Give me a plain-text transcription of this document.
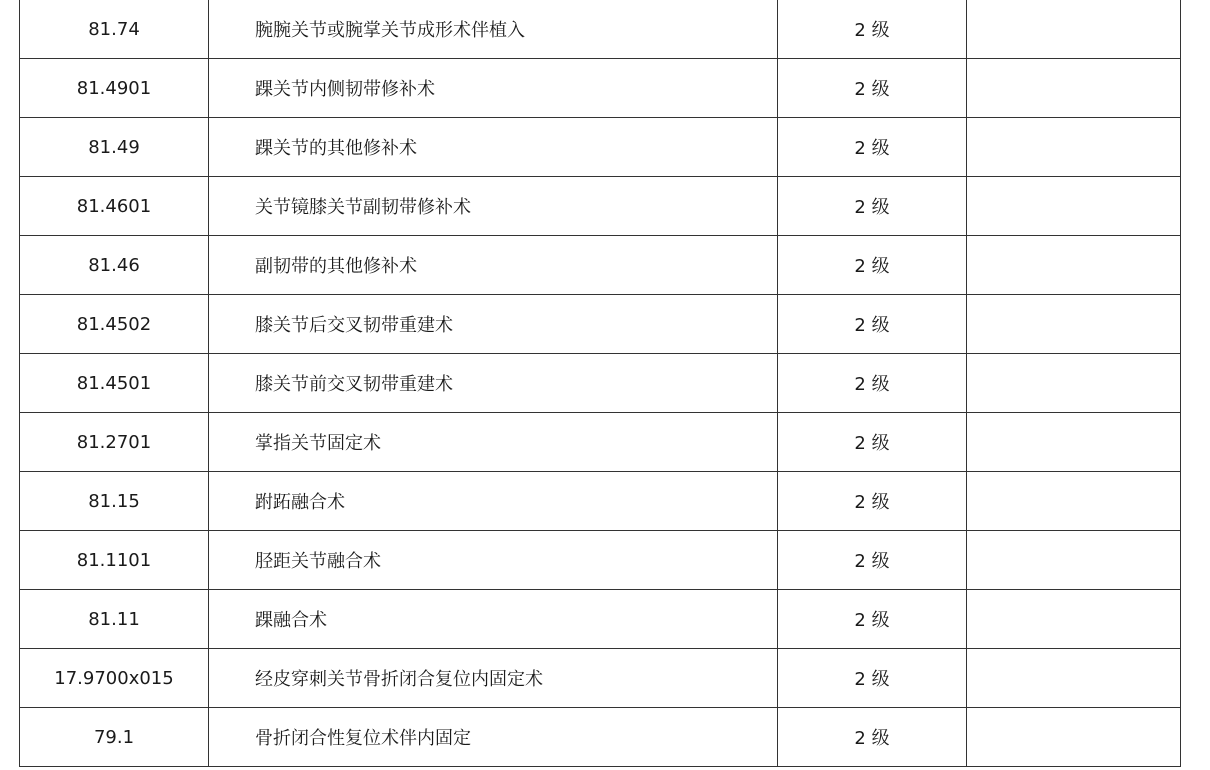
81.74	腕腕关节或腕掌关节成形术伴植入	2 级	
81.4901	踝关节内侧韧带修补术	2 级	
81.49	踝关节的其他修补术	2 级	
81.4601	关节镜膝关节副韧带修补术	2 级	
81.46	副韧带的其他修补术	2 级	
81.4502	膝关节后交叉韧带重建术	2 级	
81.4501	膝关节前交叉韧带重建术	2 级	
81.2701	掌指关节固定术	2 级	
81.15	跗跖融合术	2 级	
81.1101	胫距关节融合术	2 级	
81.11	踝融合术	2 级	
17.9700x015	经皮穿刺关节骨折闭合复位内固定术	2 级	
79.1	骨折闭合性复位术伴内固定	2 级	
